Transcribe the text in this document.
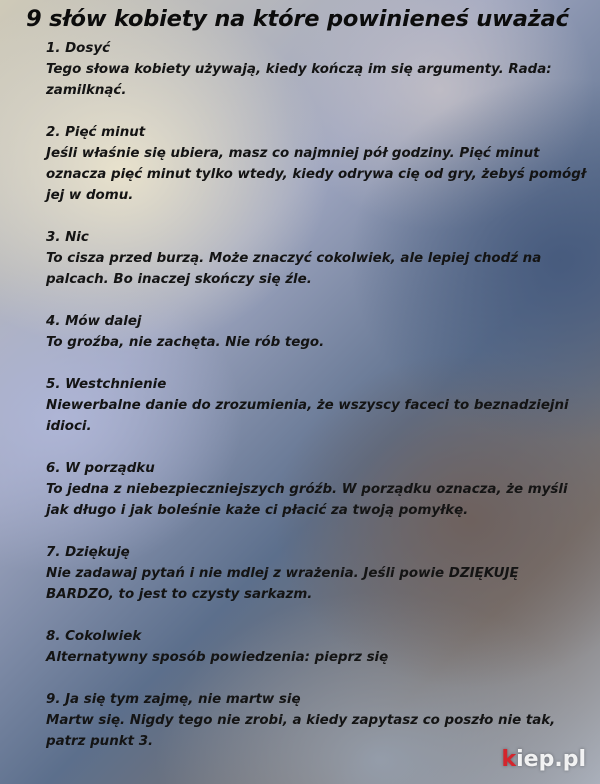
9 słów kobiety na które powinieneś uważać

1. Dosyć

Tego słowa kobiety używają, kiedy kończą im się argumenty. Rada: zamilknąć.

2. Pięć minut

Jeśli właśnie się ubiera, masz co najmniej pół godziny. Pięć minut oznacza pięć minut tylko wtedy, kiedy odrywa cię od gry, żebyś pomógł jej w domu.

3. Nic

To cisza przed burzą. Może znaczyć cokolwiek, ale lepiej chodź na palcach. Bo inaczej skończy się źle.

4. Mów dalej

To groźba, nie zachęta. Nie rób tego.

5. Westchnienie

Niewerbalne danie do zrozumienia, że wszyscy faceci to beznadziejni idioci.

6. W porządku

To jedna z niebezpieczniejszych gróźb. W porządku oznacza, że myśli jak długo i jak boleśnie każe ci płacić za twoją pomyłkę.

7. Dziękuję

Nie zadawaj pytań i nie mdlej z wrażenia. Jeśli powie DZIĘKUJĘ BARDZO, to jest to czysty sarkazm.

8. Cokolwiek

Alternatywny sposób powiedzenia: pieprz się

9. Ja się tym zajmę, nie martw się

Martw się. Nigdy tego nie zrobi, a kiedy zapytasz co poszło nie tak, patrz punkt 3.

kiep.pl
